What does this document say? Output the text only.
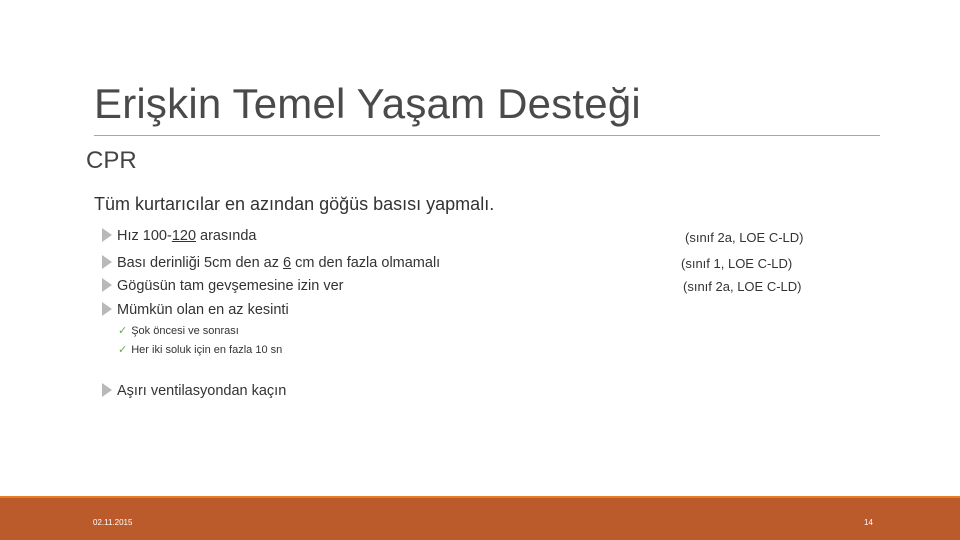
Erişkin Temel Yaşam Desteği
CPR
Tüm kurtarıcılar en azından göğüs basısı yapmalı.
Hız 100-120 arasında
Bası derinliği 5cm den az 6 cm den fazla olmamalı
Gögüsün tam gevşemesine izin ver
Mümkün olan en az kesinti
✓ Şok öncesi ve sonrası
✓ Her iki soluk için en fazla 10 sn
Aşırı ventilasyondan kaçın
(sınıf 2a, LOE C-LD)
(sınıf 1, LOE C-LD)
(sınıf 2a, LOE C-LD)
02.11.2015	14
